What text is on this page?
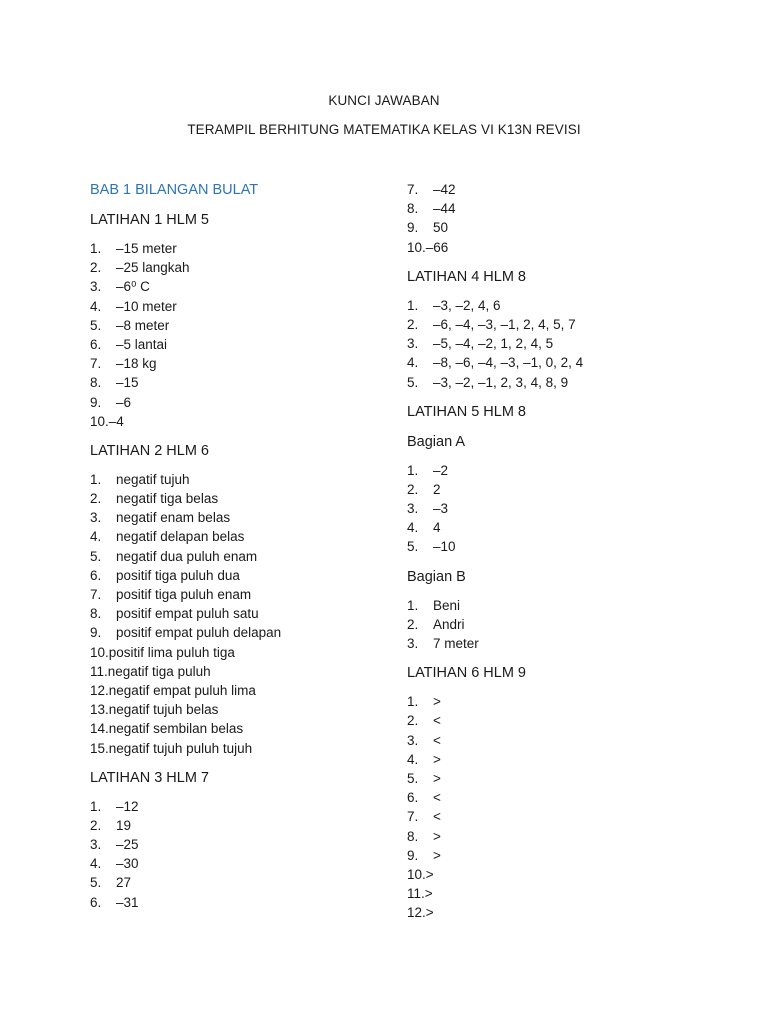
KUNCI JAWABAN
TERAMPIL BERHITUNG MATEMATIKA KELAS VI K13N REVISI
BAB 1 BILANGAN BULAT
LATIHAN 1 HLM 5
1.	–15 meter
2.	–25 langkah
3.	–6⁰ C
4.	–10 meter
5.	–8 meter
6.	–5 lantai
7.	–18 kg
8.	–15
9.	–6
10. –4
LATIHAN 2 HLM 6
1.	negatif tujuh
2.	negatif tiga belas
3.	negatif enam belas
4.	negatif delapan belas
5.	negatif dua puluh enam
6.	positif tiga puluh dua
7.	positif tiga puluh enam
8.	positif empat puluh satu
9.	positif empat puluh delapan
10. positif lima puluh tiga
11. negatif tiga puluh
12. negatif empat puluh lima
13. negatif tujuh belas
14. negatif sembilan belas
15. negatif tujuh puluh tujuh
LATIHAN 3 HLM 7
1.	–12
2.	19
3.	–25
4.	–30
5.	27
6.	–31
7.	–42
8.	–44
9.	50
10. –66
LATIHAN 4 HLM 8
1.	–3, –2, 4, 6
2.	–6, –4, –3, –1, 2, 4, 5, 7
3.	–5, –4, –2, 1, 2, 4, 5
4.	–8, –6, –4, –3, –1, 0, 2, 4
5.	–3, –2, –1, 2, 3, 4, 8, 9
LATIHAN 5 HLM 8
Bagian A
1.	–2
2.	2
3.	–3
4.	4
5.	–10
Bagian B
1.	Beni
2.	Andri
3.	7 meter
LATIHAN 6 HLM 9
1.	>
2.	<
3.	<
4.	>
5.	>
6.	<
7.	<
8.	>
9.	>
10. >
11. >
12. >
